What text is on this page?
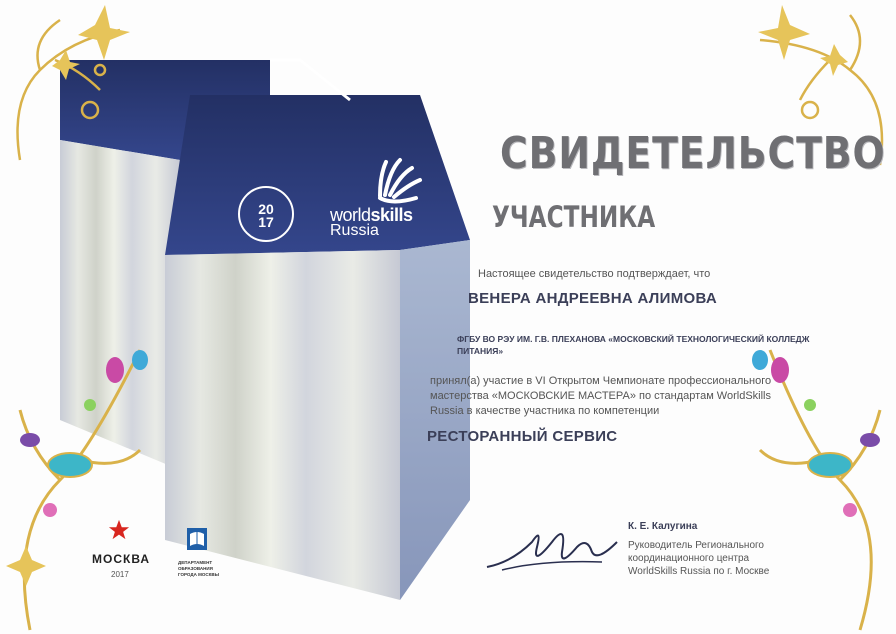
20
17	worldskills
Russia
СВИДЕТЕЛЬСТВО
УЧАСТНИКА
Настоящее свидетельство подтверждает, что
ВЕНЕРА АНДРЕЕВНА АЛИМОВА
ФГБУ ВО РЭУ ИМ. Г.В. ПЛЕХАНОВА «МОСКОВСКИЙ ТЕХНОЛОГИЧЕСКИЙ КОЛЛЕДЖ
ПИТАНИЯ»
принял(а) участие в VI Открытом Чемпионате профессионального
мастерства «МОСКОВСКИЕ МАСТЕРА» по стандартам WorldSkills
Russia в качестве участника по компетенции
РЕСТОРАННЫЙ СЕРВИС
К. Е. Калугина
Руководитель Регионального
координационного центра
WorldSkills Russia по г. Москве
МОСКВА
2017
ДЕПАРТАМЕНТ
ОБРАЗОВАНИЯ
ГОРОДА МОСКВЫ
